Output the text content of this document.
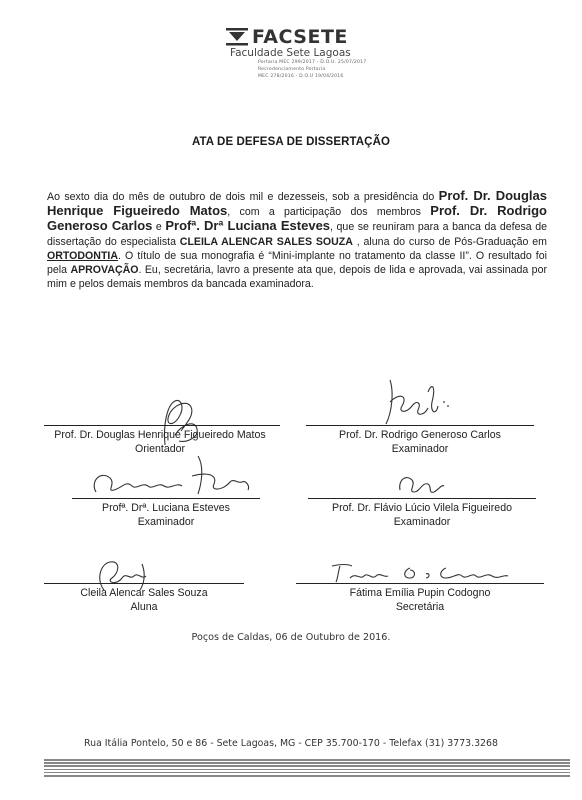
FACSETE
Faculdade Sete Lagoas
Portaria MEC 299/2017 - D.O.U. 25/07/2017
Recredenciamento Portaria
MEC 278/2016 - D.O.U 19/04/2016
ATA DE DEFESA DE DISSERTAÇÃO
Ao sexto dia do mês de outubro de dois mil e dezesseis, sob a presidência do Prof. Dr. Douglas Henrique Figueiredo Matos, com a participação dos membros Prof. Dr. Rodrigo Generoso Carlos e Profª. Drª Luciana Esteves, que se reuniram para a banca da defesa de dissertação do especialista CLEILA ALENCAR SALES SOUZA , aluna do curso de Pós-Graduação em ORTODONTIA. O título de sua monografia é “Mini-implante no tratamento da classe II”. O resultado foi pela APROVAÇÃO. Eu, secretária, lavro a presente ata que, depois de lida e aprovada, vai assinada por mim e pelos demais membros da bancada examinadora.
Prof. Dr. Douglas Henrique Figueiredo Matos
Orientador
Prof. Dr. Rodrigo Generoso Carlos
Examinador
Profª. Drª. Luciana Esteves
Examinador
Prof. Dr. Flávio Lúcio Vilela Figueiredo
Examinador
Cleila Alencar Sales Souza
Aluna
Fátima Emília Pupin Codogno
Secretária
Poços de Caldas, 06 de Outubro de 2016.
Rua Itália Pontelo, 50 e 86 - Sete Lagoas, MG - CEP 35.700-170 - Telefax (31) 3773.3268
